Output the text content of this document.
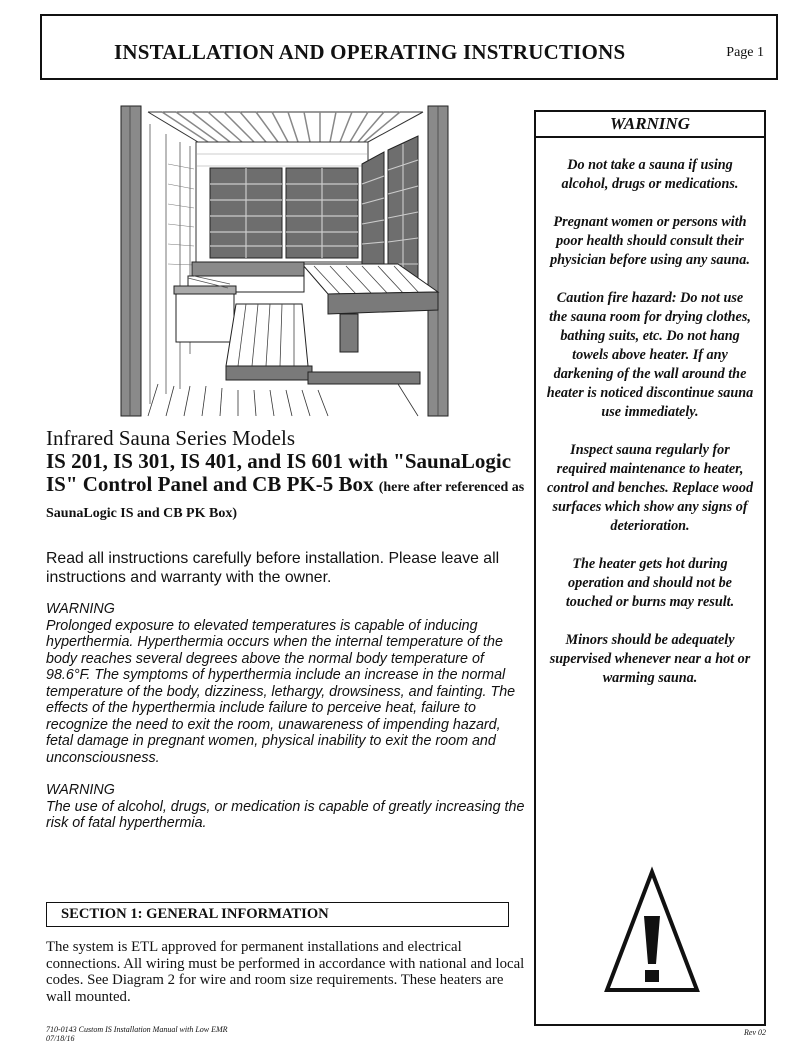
INSTALLATION AND OPERATING INSTRUCTIONS	Page 1
WARNING

Do not take a sauna if using alcohol, drugs or medications.

Pregnant women or persons with poor health should consult their physician before using any sauna.

Caution fire hazard: Do not use the sauna room for drying clothes, bathing suits, etc. Do not hang towels above heater. If any darkening of the wall around the heater is noticed discontinue sauna use immediately.

Inspect sauna regularly for required maintenance to heater, control and benches. Replace wood surfaces which show any signs of deterioration.

The heater gets hot during operation and should not be touched or burns may result.

Minors should be adequately supervised whenever near a hot or warming sauna.

Infrared Sauna Series Models
IS 201, IS 301, IS 401, and IS 601 with "SaunaLogic IS" Control Panel and CB PK-5 Box (here after referenced as SaunaLogic IS and CB PK Box)
Read all instructions carefully before installation. Please leave all instructions and warranty with the owner.
WARNING
Prolonged exposure to elevated temperatures is capable of inducing hyperthermia. Hyperthermia occurs when the internal temperature of the body reaches several degrees above the normal body temperature of 98.6°F. The symptoms of hyperthermia include an increase in the normal temperature of the body, dizziness, lethargy, drowsiness, and fainting. The effects of the hyperthermia include failure to perceive heat, failure to recognize the need to exit the room, unawareness of impending hazard, fetal damage in pregnant women, physical inability to exit the room and unconsciousness.
WARNING
The use of alcohol, drugs, or medication is capable of greatly increasing the risk of fatal hyperthermia.
SECTION 1: GENERAL INFORMATION
The system is ETL approved for permanent installations and electrical connections. All wiring must be performed in accordance with national and local codes. See Diagram 2 for wire and room size requirements. These heaters are wall mounted.
710-0143 Custom IS Installation Manual with Low EMR
07/18/16
Rev 02
